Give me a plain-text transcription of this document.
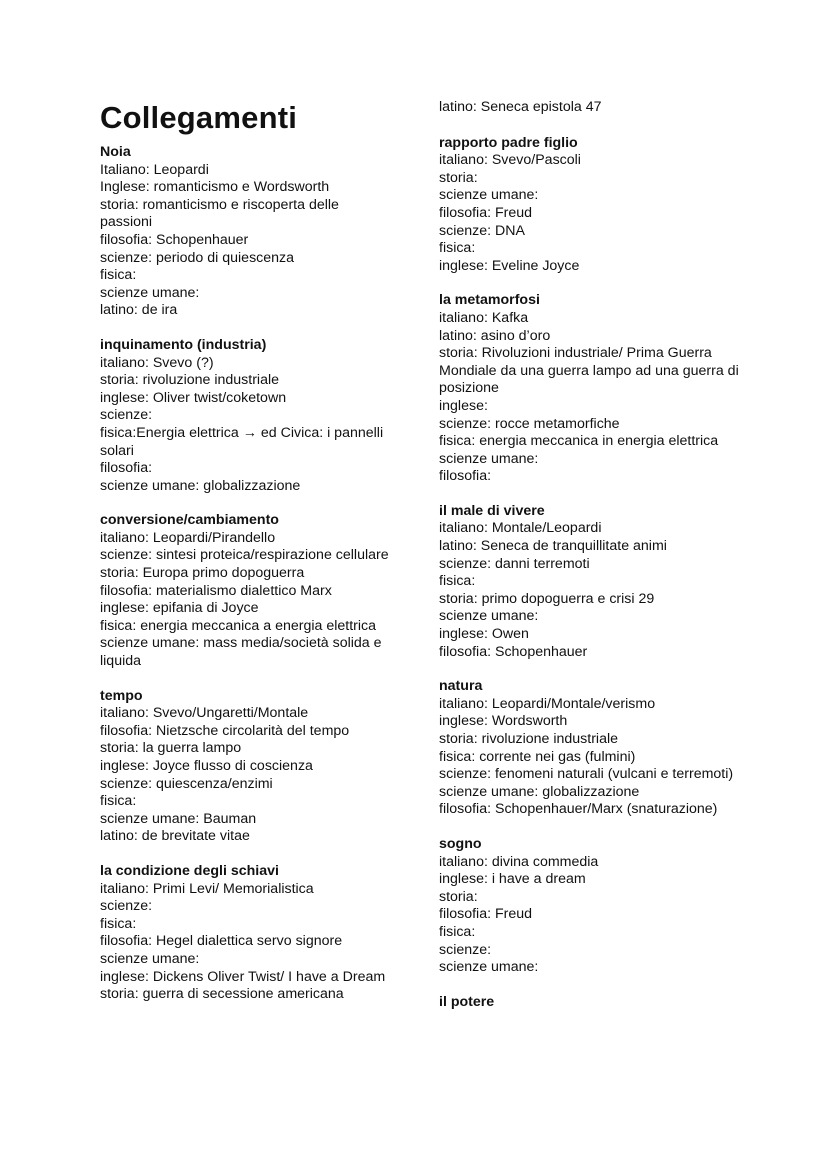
Collegamenti
Noia
Italiano: Leopardi
Inglese: romanticismo e Wordsworth
storia: romanticismo e riscoperta delle passioni
filosofia: Schopenhauer
scienze: periodo di quiescenza
fisica:
scienze umane:
latino: de ira
inquinamento (industria)
italiano: Svevo (?)
storia: rivoluzione industriale
inglese: Oliver twist/coketown
scienze:
fisica:Energia elettrica → ed Civica: i pannelli solari
filosofia:
scienze umane: globalizzazione
conversione/cambiamento
italiano: Leopardi/Pirandello
scienze: sintesi proteica/respirazione cellulare
storia: Europa primo dopoguerra
filosofia: materialismo dialettico Marx
inglese: epifania di Joyce
fisica: energia meccanica a energia elettrica
scienze umane: mass media/società solida e liquida
tempo
italiano: Svevo/Ungaretti/Montale
filosofia: Nietzsche circolarità del tempo
storia: la guerra lampo
inglese: Joyce flusso di coscienza
scienze: quiescenza/enzimi
fisica:
scienze umane: Bauman
latino: de brevitate vitae
la condizione degli schiavi
italiano: Primi Levi/ Memorialistica
scienze:
fisica:
filosofia: Hegel dialettica servo signore
scienze umane:
inglese: Dickens Oliver Twist/ I have a Dream
storia: guerra di secessione americana
latino: Seneca epistola 47
rapporto padre figlio
italiano: Svevo/Pascoli
storia:
scienze umane:
filosofia: Freud
scienze: DNA
fisica:
inglese: Eveline Joyce
la metamorfosi
italiano: Kafka
latino: asino d’oro
storia: Rivoluzioni industriale/ Prima Guerra Mondiale da una guerra lampo ad una guerra di posizione
inglese:
scienze: rocce metamorfiche
fisica: energia meccanica in energia elettrica
scienze umane:
filosofia:
il male di vivere
italiano: Montale/Leopardi
latino: Seneca de tranquillitate animi
scienze: danni terremoti
fisica:
storia: primo dopoguerra e crisi 29
scienze umane:
inglese: Owen
filosofia: Schopenhauer
natura
italiano: Leopardi/Montale/verismo
inglese: Wordsworth
storia: rivoluzione industriale
fisica: corrente nei gas (fulmini)
scienze: fenomeni naturali (vulcani e terremoti)
scienze umane: globalizzazione
filosofia: Schopenhauer/Marx (snaturazione)
sogno
italiano: divina commedia
inglese: i have a dream
storia:
filosofia: Freud
fisica:
scienze:
scienze umane:
il potere
